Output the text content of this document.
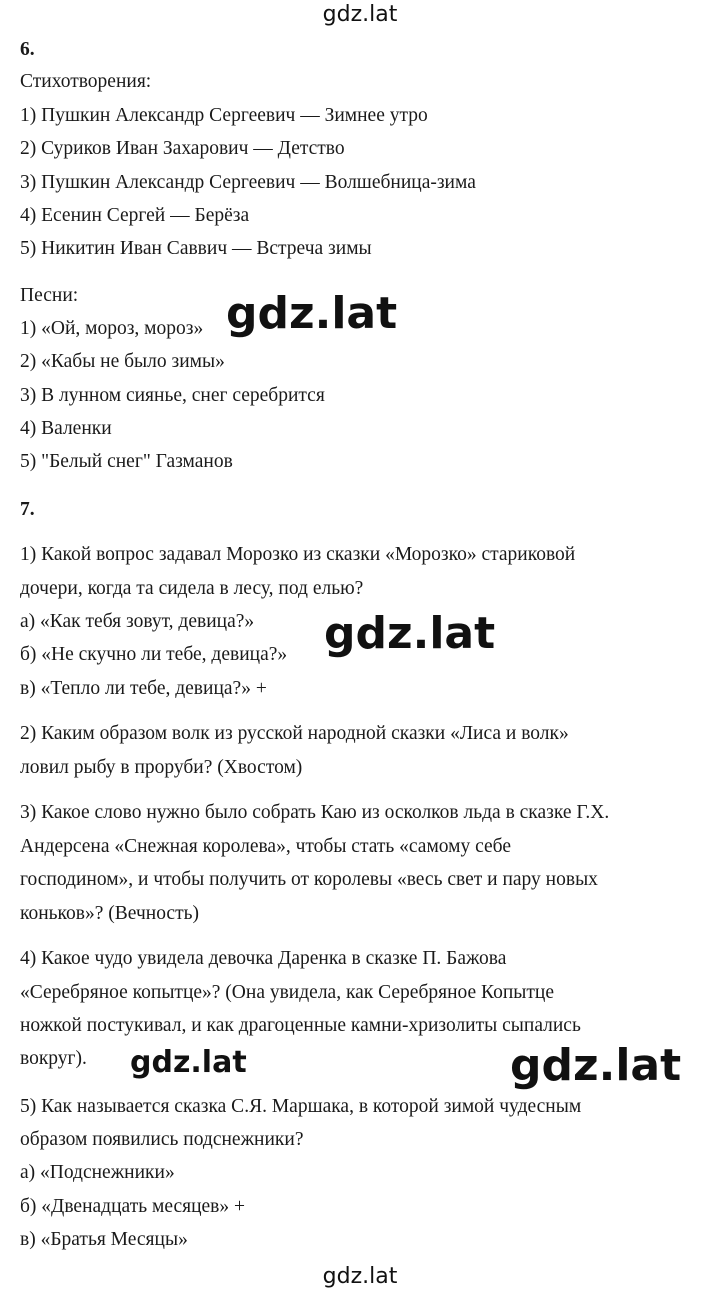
gdz.lat
6.
Стихотворения:
1) Пушкин Александр Сергеевич — Зимнее утро
2) Суриков Иван Захарович — Детство
3) Пушкин Александр Сергеевич — Волшебница-зима
4) Есенин Сергей — Берёза
5) Никитин Иван Саввич — Встреча зимы
Песни:
1) «Ой, мороз, мороз»
2) «Кабы не было зимы»
3) В лунном сиянье, снег серебрится
4) Валенки
5) "Белый снег" Газманов
gdz.lat
7.
1) Какой вопрос задавал Морозко из сказки «Морозко» стариковой
дочери, когда та сидела в лесу, под елью?
а) «Как тебя зовут, девица?»
б) «Не скучно ли тебе, девица?»
в) «Тепло ли тебе, девица?» +
gdz.lat
2) Каким образом волк из русской народной сказки «Лиса и волк»
ловил рыбу в проруби? (Хвостом)
3) Какое слово нужно было собрать Каю из осколков льда в сказке Г.Х.
Андерсена «Снежная королева», чтобы стать «самому себе
господином», и чтобы получить от королевы «весь свет и пару новых
коньков»? (Вечность)
4) Какое чудо увидела девочка Даренка в сказке П. Бажова
«Серебряное копытце»? (Она увидела, как Серебряное Копытце
ножкой постукивал, и как драгоценные камни-хризолиты сыпались
вокруг). gdz.lat	gdz.lat
5) Как называется сказка С.Я. Маршака, в которой зимой чудесным
образом появились подснежники?
а) «Подснежники»
б) «Двенадцать месяцев» +
в) «Братья Месяцы»
gdz.lat
